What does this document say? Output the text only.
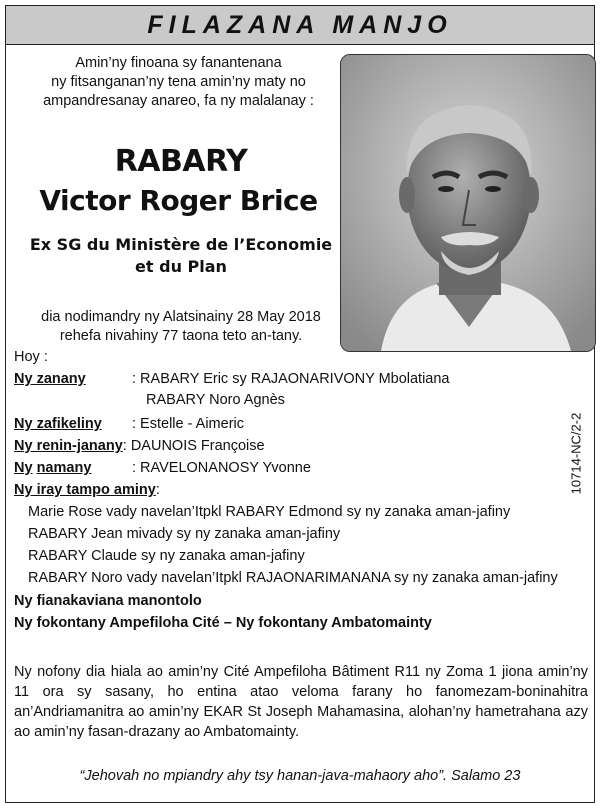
FILAZANA MANJO
Amin’ny finoana sy fanantenana
ny fitsanganan’ny tena amin’ny maty no
ampandresanay anareo, fa ny malalanay :
RABARY
Victor Roger Brice
Ex SG du Ministère de l’Economie
et du Plan
dia nodimandry ny Alatsinainy 28 May 2018
rehefa nivahiny 77 taona teto an-tany.
Hoy :
Ny zanany	: RABARY Eric sy RAJAONARIVONY Mbolatiana
RABARY Noro Agnès
Ny zafikeliny : Estelle - Aimeric
Ny renin-janany: DAUNOIS Françoise
Ny namany	: RAVELONANOSY Yvonne
Ny iray tampo aminy:
Marie Rose vady navelan’Itpkl RABARY Edmond sy ny zanaka aman-jafiny
RABARY Jean mivady sy ny zanaka aman-jafiny
RABARY Claude sy ny zanaka aman-jafiny
RABARY Noro vady navelan’Itpkl RAJAONARIMANANA sy ny zanaka aman-jafiny
Ny fianakaviana manontolo
Ny fokontany Ampefiloha Cité – Ny fokontany Ambatomainty
10714-NC/2-2
Ny nofony dia hiala ao amin’ny Cité Ampefiloha Bâtiment R11 ny Zoma 1 jiona amin’ny 11 ora sy sasany, ho entina atao veloma farany ho fanomezam-boninahitra an’Andriamanitra ao amin’ny EKAR St Joseph Mahamasina, alohan’ny hametrahana azy ao amin’ny fasan-drazany ao Ambatomainty.
“Jehovah no mpiandry ahy tsy hanan-java-mahaory aho”. Salamo 23
